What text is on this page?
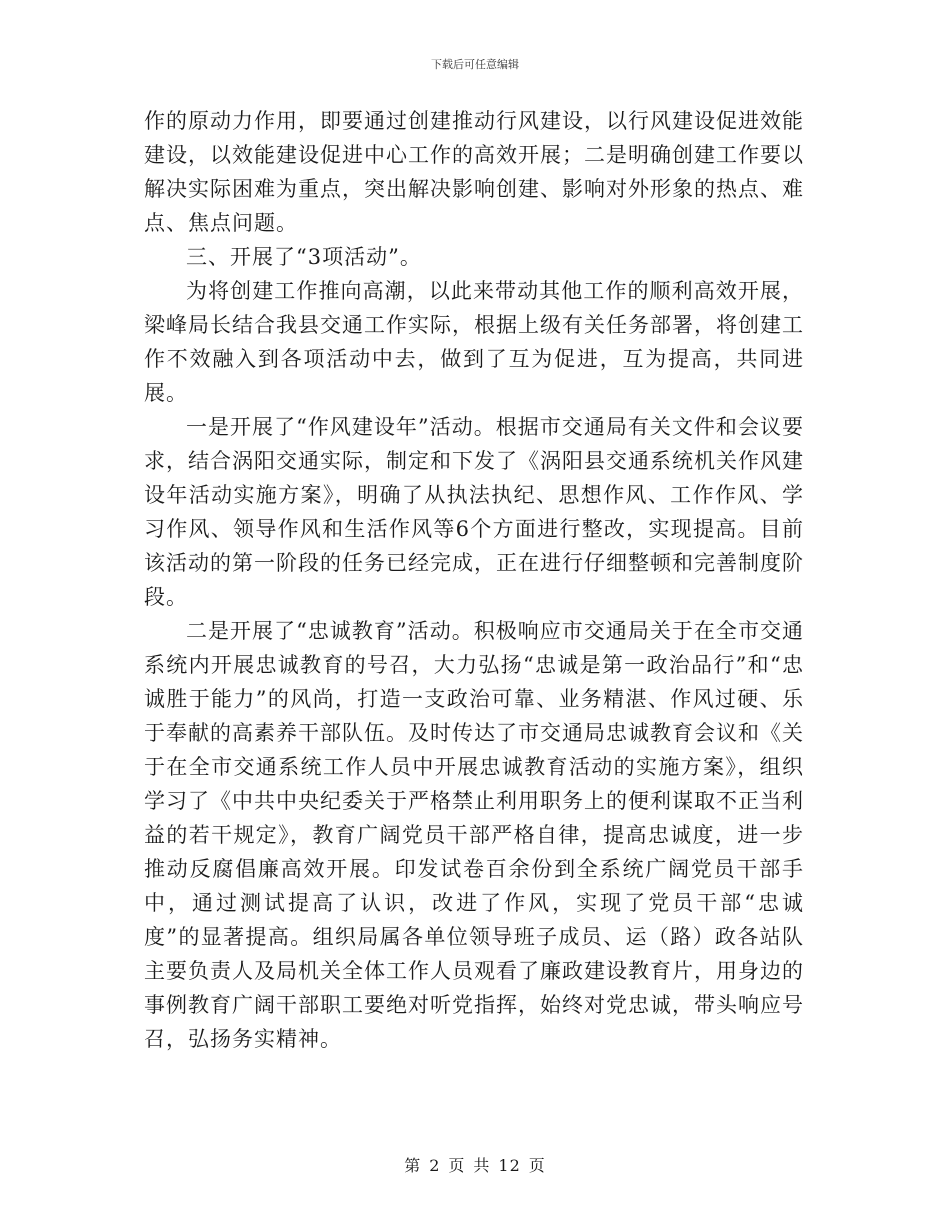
下载后可任意编辑

作的原动力作用，即要通过创建推动行风建设，以行风建设促进效能建设，以效能建设促进中心工作的高效开展；二是明确创建工作要以解决实际困难为重点，突出解决影响创建、影响对外形象的热点、难点、焦点问题。

三、开展了“3项活动”。

为将创建工作推向高潮，以此来带动其他工作的顺利高效开展，梁峰局长结合我县交通工作实际，根据上级有关任务部署，将创建工作不效融入到各项活动中去，做到了互为促进，互为提高，共同进展。

一是开展了“作风建设年”活动。根据市交通局有关文件和会议要求，结合涡阳交通实际，制定和下发了《涡阳县交通系统机关作风建设年活动实施方案》，明确了从执法执纪、思想作风、工作作风、学习作风、领导作风和生活作风等6个方面进行整改，实现提高。目前该活动的第一阶段的任务已经完成，正在进行仔细整顿和完善制度阶段。

二是开展了“忠诚教育”活动。积极响应市交通局关于在全市交通系统内开展忠诚教育的号召，大力弘扬“忠诚是第一政治品行”和“忠诚胜于能力”的风尚，打造一支政治可靠、业务精湛、作风过硬、乐于奉献的高素养干部队伍。及时传达了市交通局忠诚教育会议和《关于在全市交通系统工作人员中开展忠诚教育活动的实施方案》，组织学习了《中共中央纪委关于严格禁止利用职务上的便利谋取不正当利益的若干规定》，教育广阔党员干部严格自律，提高忠诚度，进一步推动反腐倡廉高效开展。印发试卷百余份到全系统广阔党员干部手中，通过测试提高了认识，改进了作风，实现了党员干部“忠诚度”的显著提高。组织局属各单位领导班子成员、运（路）政各站队主要负责人及局机关全体工作人员观看了廉政建设教育片，用身边的事例教育广阔干部职工要绝对听党指挥，始终对党忠诚，带头响应号召，弘扬务实精神。

第 2 页 共 12 页
